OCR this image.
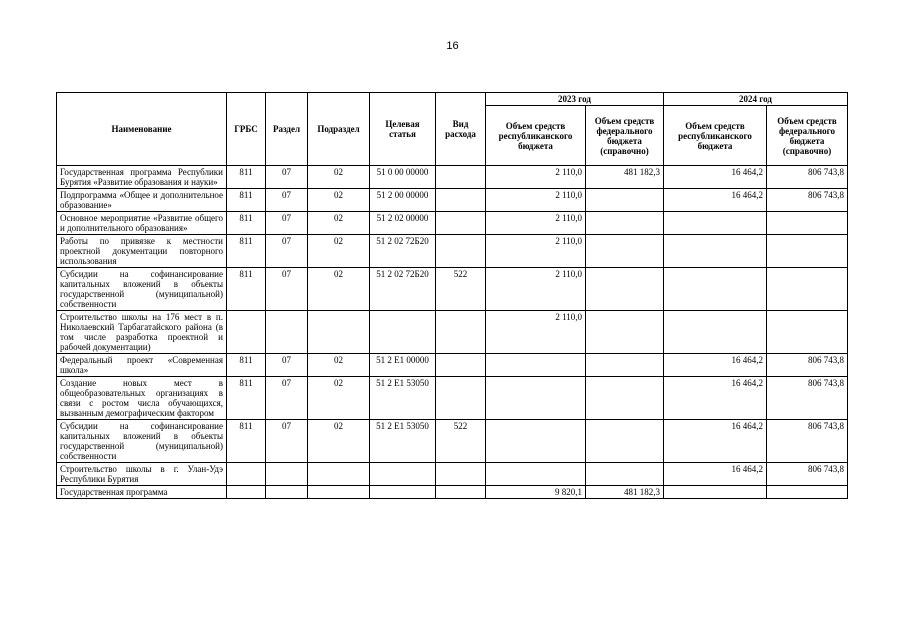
16
Наименование	ГРБС	Раздел	Подраздел	Целевая статья	Вид расхода	2023 год		2024 год	
						Объем средств республиканского бюджета	Объем средств федерального бюджета (справочно)	Объем средств республиканского бюджета	Объем средств федерального бюджета (справочно)
Государственная программа Республики Бурятия «Развитие образования и науки»	811	07	02	51 0 00 00000		2 110,0	481 182,3	16 464,2	806 743,8
Подпрограмма «Общее и дополнительное образование»	811	07	02	51 2 00 00000		2 110,0		16 464,2	806 743,8
Основное мероприятие «Развитие общего и дополнительного образования»	811	07	02	51 2 02 00000		2 110,0			
Работы по привязке к местности проектной документации повторного использования	811	07	02	51 2 02 72Б20		2 110,0			
Субсидии на софинансирование капитальных вложений в объекты государственной (муниципальной) собственности	811	07	02	51 2 02 72Б20	522	2 110,0			
Строительство школы на 176 мест в п. Николаевский Тарбагатайского района (в том числе разработка проектной и рабочей документации)						2 110,0			
Федеральный проект «Современная школа»	811	07	02	51 2 Е1 00000				16 464,2	806 743,8
Создание новых мест в общеобразовательных организациях в связи с ростом числа обучающихся, вызванным демографическим фактором	811	07	02	51 2 Е1 53050				16 464,2	806 743,8
Субсидии на софинансирование капитальных вложений в объекты государственной (муниципальной) собственности	811	07	02	51 2 Е1 53050	522			16 464,2	806 743,8
Строительство школы в г. Улан-Удэ Республики Бурятия								16 464,2	806 743,8
Государственная программа						9 820,1	481 182,3		
